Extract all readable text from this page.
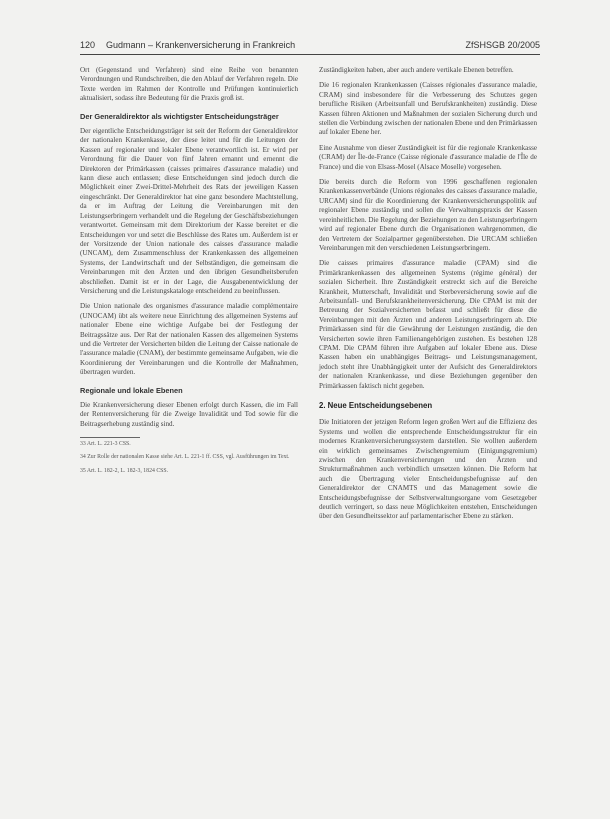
120 Gudmann – Krankenversicherung in Frankreich	ZfSHSGB 20/2005

Ort (Gegenstand und Verfahren) sind eine Reihe von benannten Verordnungen und Rundschreiben, die den Ablauf der Verfahren regeln. Die Texte werden im Rahmen der Kontrolle und Prüfungen kontinuierlich aktualisiert, sodass ihre Bedeutung für die Praxis groß ist.

Der Generaldirektor als wichtigster Entscheidungsträger

Der eigentliche Entscheidungsträger ist seit der Reform der Generaldirektor der nationalen Krankenkasse, der diese leitet und für die Leitungen der Kassen auf regionaler und lokaler Ebene verantwortlich ist. Er wird per Verordnung für die Dauer von fünf Jahren ernannt und ernennt die Direktoren der Primärkassen (caisses primaires d'assurance maladie) und kann diese auch entlassen; diese Entscheidungen sind jedoch durch die Möglichkeit einer Zwei-Drittel-Mehrheit des Rats der jeweiligen Kassen eingeschränkt. Der Generaldirektor hat eine ganz besondere Machtstellung, da er im Auftrag der Leitung die Vereinbarungen mit den Leistungserbringern verhandelt und die Regelung der Geschäftsbeziehungen verantwortet. Gemeinsam mit dem Direktorium der Kasse bereitet er die Entscheidungen vor und setzt die Beschlüsse des Rates um. Außerdem ist er der Vorsitzende der Union nationale des caisses d'assurance maladie (UNCAM), dem Zusammenschluss der Krankenkassen des allgemeinen Systems, der Landwirtschaft und der Selbständigen, die gemeinsam die Vereinbarungen mit den Ärzten und den übrigen Gesundheitsberufen abschließen. Damit ist er in der Lage, die Ausgabenentwicklung der Versicherung und die Leistungskataloge entscheidend zu beeinflussen.

Die Union nationale des organismes d'assurance maladie complémentaire (UNOCAM) übt als weitere neue Einrichtung des allgemeinen Systems auf nationaler Ebene eine wichtige Aufgabe bei der Festlegung der Beitragssätze aus. Der Rat der nationalen Kassen des allgemeinen Systems und die Vertreter der Versicherten bilden die Leitung der Caisse nationale de l'assurance maladie (CNAM), der bestimmte gemeinsame Aufgaben, wie die Koordinierung der Vereinbarungen und die Kontrolle der Maßnahmen, übertragen wurden.

Regionale und lokale Ebenen

Die Krankenversicherung dieser Ebenen erfolgt durch Kassen, die im Fall der Rentenversicherung für die Zweige Invalidität und Tod sowie für die Beitragserhebung zuständig sind.

33 Art. L. 221-3 CSS.

34 Zur Rolle der nationalen Kasse siehe Art. L. 221-1 ff. CSS, vgl. Ausführungen im Text.

35 Art. L. 182-2, L. 182-3, 1824 CSS.

Zuständigkeiten haben, aber auch andere vertikale Ebenen betreffen.

Die 16 regionalen Krankenkassen (Caisses régionales d'assurance maladie, CRAM) sind insbesondere für die Verbesserung des Schutzes gegen berufliche Risiken (Arbeitsunfall und Berufskrankheiten) zuständig. Diese Kassen führen Aktionen und Maßnahmen der sozialen Sicherung durch und stellen die Verbindung zwischen der nationalen Ebene und den Primärkassen auf lokaler Ebene her.

Eine Ausnahme von dieser Zuständigkeit ist für die regionale Krankenkasse (CRAM) der Île-de-France (Caisse régionale d'assurance maladie de l'Île de France) und die von Elsass-Mosel (Alsace Moselle) vorgesehen.

Die bereits durch die Reform von 1996 geschaffenen regionalen Krankenkassenverbände (Unions régionales des caisses d'assurance maladie, URCAM) sind für die Koordinierung der Krankenversicherungspolitik auf regionaler Ebene zuständig und sollen die Verwaltungspraxis der Kassen vereinheitlichen. Die Regelung der Beziehungen zu den Leistungserbringern wird auf regionaler Ebene durch die Organisationen wahrgenommen, die den Vertretern der Sozialpartner gegenüberstehen. Die URCAM schließen Vereinbarungen mit den verschiedenen Leistungserbringern.

Die caisses primaires d'assurance maladie (CPAM) sind die Primärkrankenkassen des allgemeinen Systems (régime général) der sozialen Sicherheit. Ihre Zuständigkeit erstreckt sich auf die Bereiche Krankheit, Mutterschaft, Invalidität und Sterbeversicherung sowie auf die Arbeitsunfall- und Berufskrankheitenversicherung. Die CPAM ist mit der Betreuung der Sozialversicherten befasst und schließt für diese die Vereinbarungen mit den Ärzten und anderen Leistungserbringern ab. Die Primärkassen sind für die Gewährung der Leistungen zuständig, die den Versicherten sowie ihren Familienangehörigen zustehen. Es bestehen 128 CPAM. Die CPAM führen ihre Aufgaben auf lokaler Ebene aus. Diese Kassen haben ein unabhängiges Beitrags- und Leistungsmanagement, jedoch steht ihre Unabhängigkeit unter der Aufsicht des Generaldirektors der nationalen Krankenkasse, und diese Beziehungen gegenüber den Primärkassen faktisch nicht gegeben.

2. Neue Entscheidungsebenen

Die Initiatoren der jetzigen Reform legen großen Wert auf die Effizienz des Systems und wollen die entsprechende Entscheidungsstruktur für ein modernes Krankenversicherungssystem darstellen. Sie wollten außerdem ein wirklich gemeinsames Zwischengremium (Einigungsgremium) zwischen den Krankenversicherungen und den Ärzten und Strukturmaßnahmen auch verbindlich umsetzen können. Die Reform hat auch die Übertragung vieler Entscheidungsbefugnisse auf den Generaldirektor der CNAMTS und das Management sowie die Entscheidungsbefugnisse der Selbstverwaltungsorgane vom Gesetzgeber deutlich verringert, so dass neue Möglichkeiten entstehen, Entscheidungen über den Gesundheitssektor auf parlamentarischer Ebene zu stärken.
